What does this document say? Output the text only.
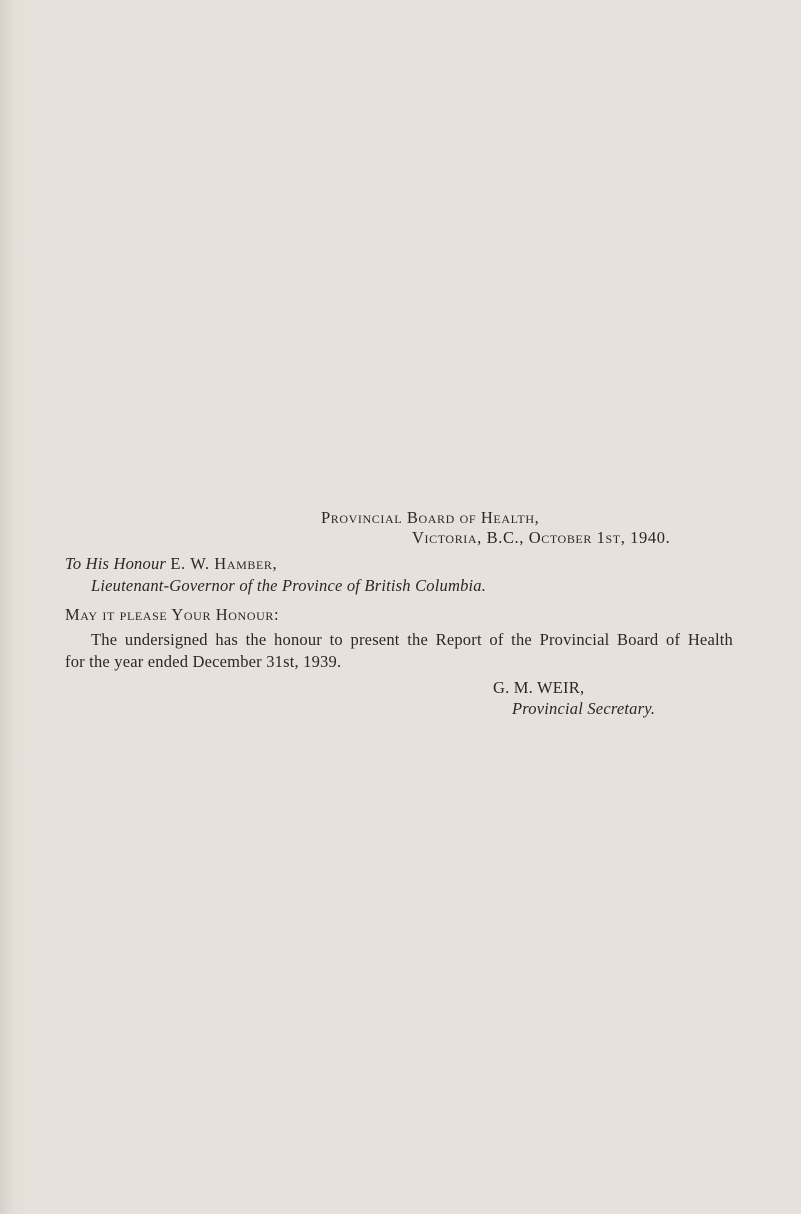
Provincial Board of Health,

Victoria, B.C., October 1st, 1940.

To His Honour E. W. Hamber,

Lieutenant-Governor of the Province of British Columbia.

May it please Your Honour:

The undersigned has the honour to present the Report of the Provincial Board of Health

for the year ended December 31st, 1939.

G. M. WEIR,

Provincial Secretary.
